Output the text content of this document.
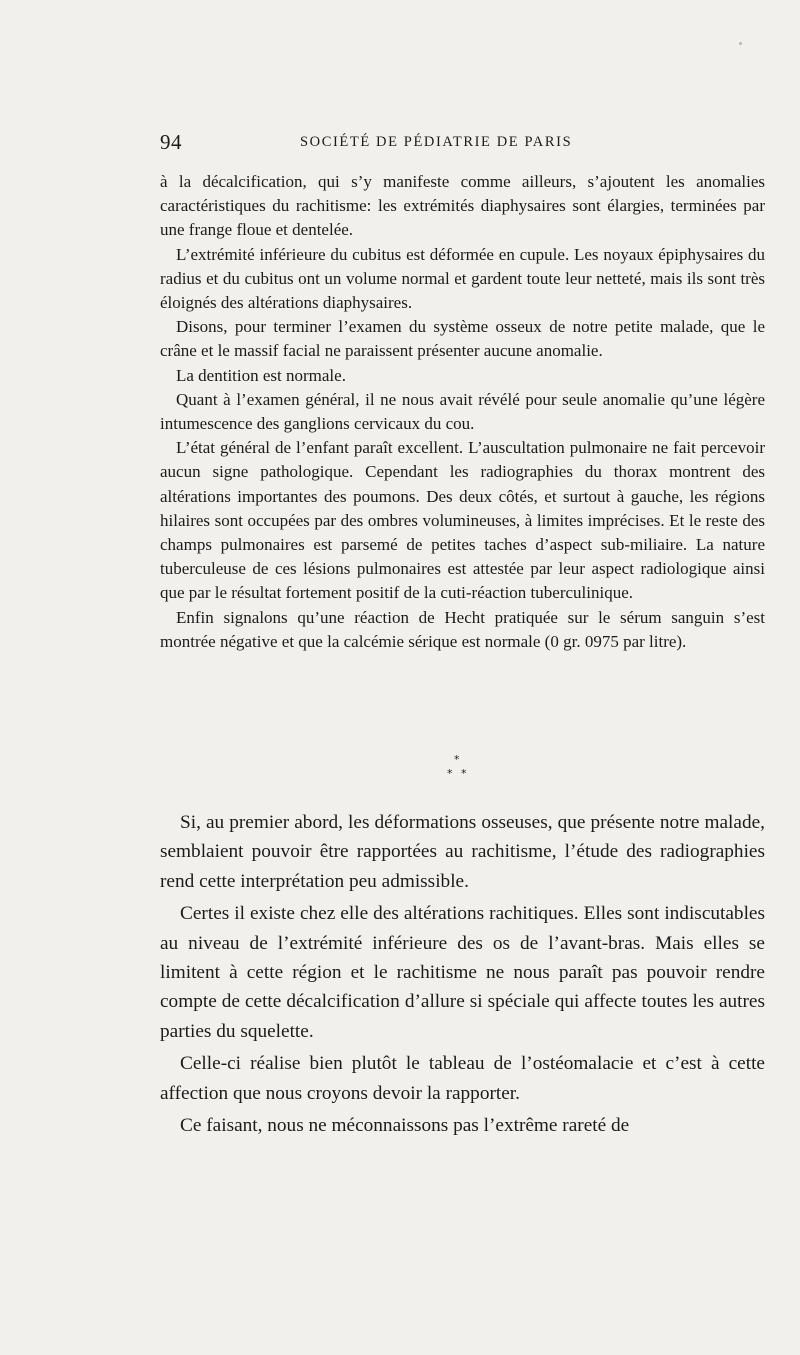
94	SOCIÉTÉ DE PÉDIATRIE DE PARIS

à la décalcification, qui s’y manifeste comme ailleurs, s’ajoutent les anomalies caractéristiques du rachitisme: les extrémités diaphysaires sont élargies, terminées par une frange floue et dentelée.

L’extrémité inférieure du cubitus est déformée en cupule. Les noyaux épiphysaires du radius et du cubitus ont un volume normal et gardent toute leur netteté, mais ils sont très éloignés des altérations diaphysaires.

Disons, pour terminer l’examen du système osseux de notre petite malade, que le crâne et le massif facial ne paraissent présenter aucune anomalie.

La dentition est normale.

Quant à l’examen général, il ne nous avait révélé pour seule anomalie qu’une légère intumescence des ganglions cervicaux du cou.

L’état général de l’enfant paraît excellent. L’auscultation pulmonaire ne fait percevoir aucun signe pathologique. Cependant les radiographies du thorax montrent des altérations importantes des poumons. Des deux côtés, et surtout à gauche, les régions hilaires sont occupées par des ombres volumineuses, à limites imprécises. Et le reste des champs pulmonaires est parsemé de petites taches d’aspect sub-miliaire. La nature tuberculeuse de ces lésions pulmonaires est attestée par leur aspect radiologique ainsi que par le résultat fortement positif de la cuti-réaction tuberculinique.

Enfin signalons qu’une réaction de Hecht pratiquée sur le sérum sanguin s’est montrée négative et que la calcémie sérique est normale (0 gr. 0975 par litre).

*
* *

Si, au premier abord, les déformations osseuses, que présente notre malade, semblaient pouvoir être rapportées au rachitisme, l’étude des radiographies rend cette interprétation peu admissible.

Certes il existe chez elle des altérations rachitiques. Elles sont indiscutables au niveau de l’extrémité inférieure des os de l’avant-bras. Mais elles se limitent à cette région et le rachitisme ne nous paraît pas pouvoir rendre compte de cette décalcification d’allure si spéciale qui affecte toutes les autres parties du squelette.

Celle-ci réalise bien plutôt le tableau de l’ostéomalacie et c’est à cette affection que nous croyons devoir la rapporter.

Ce faisant, nous ne méconnaissons pas l’extrême rareté de
